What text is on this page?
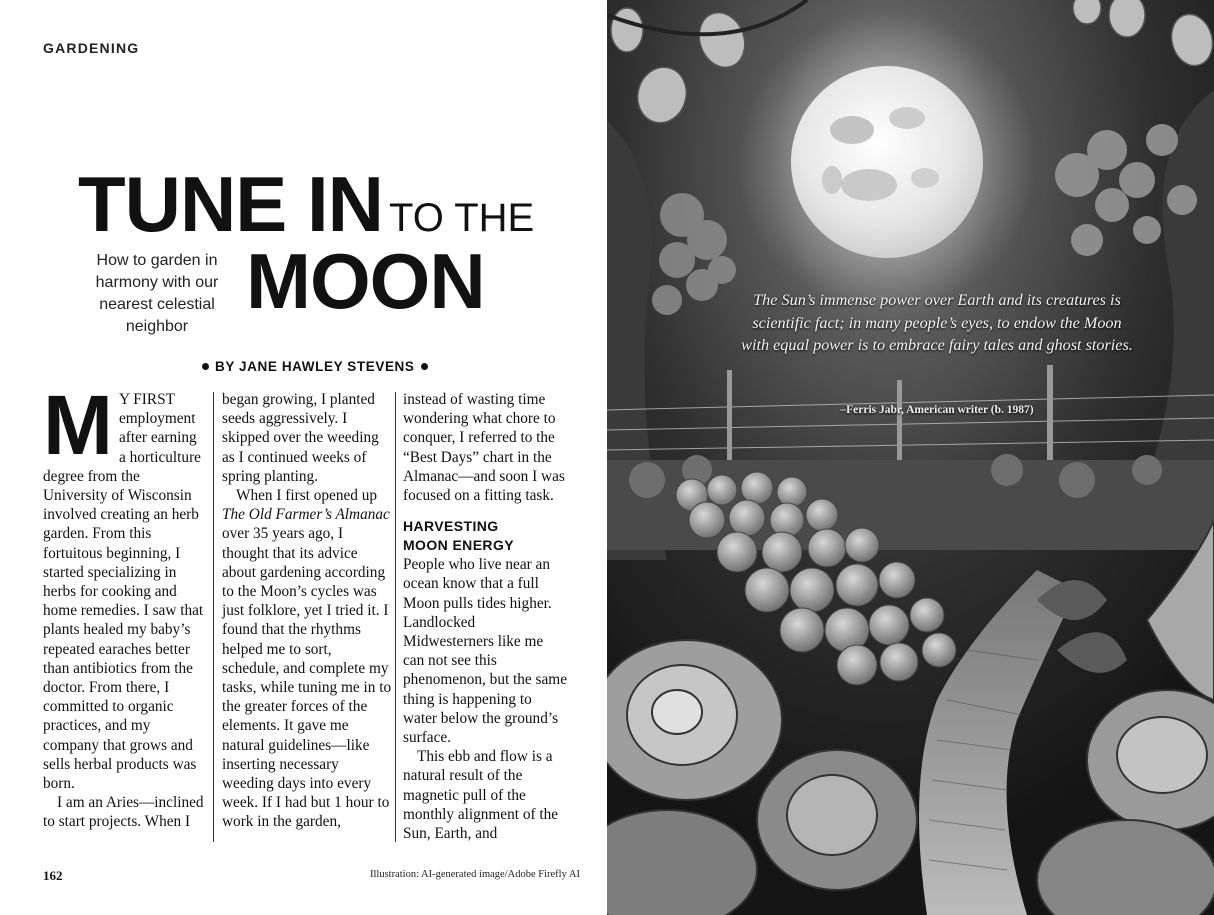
GARDENING
TUNE IN TO THE
MOON
How to garden in harmony with our nearest celestial neighbor
BY JANE HAWLEY STEVENS
M Y FIRST employment after earning a horticulture degree from the University of Wisconsin involved creating an herb garden. From this fortuitous beginning, I started specializing in herbs for cooking and home remedies. I saw that plants healed my baby’s repeated earaches better than antibiotics from the doctor. From there, I committed to organic practices, and my company that grows and sells herbal products was born.

I am an Aries—inclined to start projects. When I

began growing, I planted seeds aggressively. I skipped over the weeding as I continued weeks of spring planting.

When I first opened up The Old Farmer’s Almanac over 35 years ago, I thought that its advice about gardening according to the Moon’s cycles was just folklore, yet I tried it. I found that the rhythms helped me to sort, schedule, and complete my tasks, while tuning me in to the greater forces of the elements. It gave me natural guidelines—like inserting necessary weeding days into every week. If I had but 1 hour to work in the garden,

instead of wasting time wondering what chore to conquer, I referred to the “Best Days” chart in the Almanac—and soon I was focused on a fitting task.

HARVESTING
MOON ENERGY

People who live near an ocean know that a full Moon pulls tides higher. Landlocked Midwesterners like me can not see this phenomenon, but the same thing is happening to water below the ground’s surface.

This ebb and flow is a natural result of the magnetic pull of the monthly alignment of the Sun, Earth, and

162	Illustration: AI-generated image/Adobe Firefly AI
The Sun’s immense power over Earth and its creatures is scientific fact; in many people’s eyes, to endow the Moon with equal power is to embrace fairy tales and ghost stories.
–Ferris Jabr, American writer (b. 1987)
